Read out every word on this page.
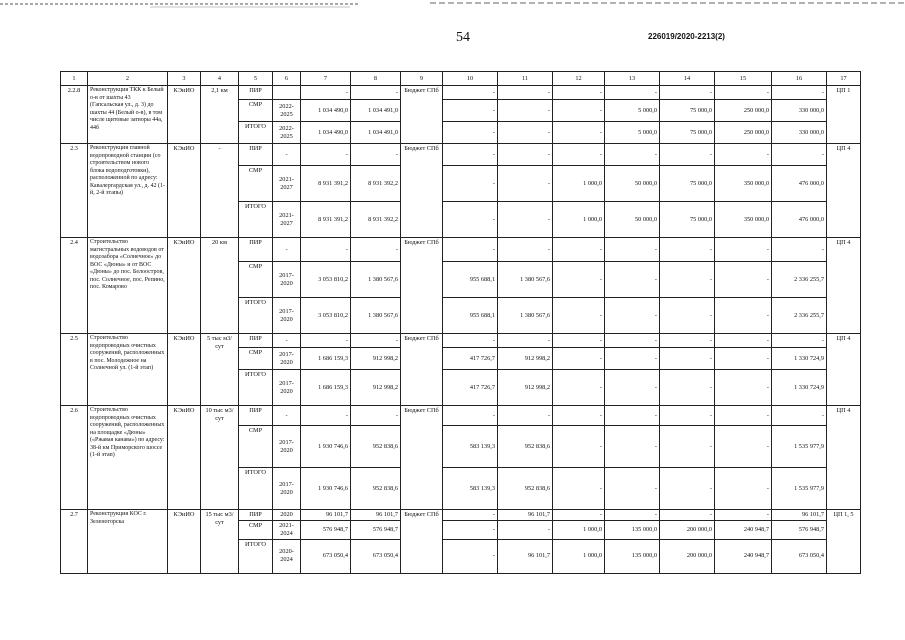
54	226019/2020-2213(2)
1	2	3	4	5	6	7	8	9	10	11	12	13	14	15	16	17
2.2.8	Реконструкция ТКК к Белый о-в от шахты 43 (Гапсальская ул., д. 3) до шахты 44 (Белый о-в), в том числе щитовые затворы 44а, 44б	КЭиИО	2,1 км	ПИР		-	-	Бюджет СПб	-	-	-	-	-	-	-	ЦП 1
				СМР	2022-2025	1 034 490,0	1 034 491,0		-	-	-	5 000,0	75 000,0	250 000,0	330 000,0	
				ИТОГО	2022-2025	1 034 490,0	1 034 491,0		-	-	-	5 000,0	75 000,0	250 000,0	330 000,0	
2.3	Реконструкция главной водопроводной станции (со строительством нового блока водоподготовки), расположенной по адресу: Кавалергардская ул., д. 42 (1-й, 2-й этапы)	КЭиИО	-	ПИР	-	-	-	Бюджет СПб	-	-	-	-	-	-	-	ЦП 4
				СМР	2021-2027	8 931 391,2	8 931 392,2		-	-	1 000,0	50 000,0	75 000,0	350 000,0	476 000,0	
				ИТОГО	2021-2027	8 931 391,2	8 931 392,2		-	-	1 000,0	50 000,0	75 000,0	350 000,0	476 000,0	
2.4	Строительство магистральных водоводов от водозабора «Солнечное» до ВОС «Дюны» и от ВОС «Дюны» до пос. Белоостров, пос. Солнечное, пос. Репино, пос. Комарово	КЭиИО	20 км	ПИР	-	-	-	Бюджет СПб	-	-	-	-	-	-	-	ЦП 4
				СМР	2017-2020	3 053 810,2	1 380 567,6		955 688,1	1 380 567,6	-	-	-	-	2 336 255,7	
				ИТОГО	2017-2020	3 053 810,2	1 380 567,6		955 688,1	1 380 567,6	-	-	-	-	2 336 255,7	
2.5	Строительство водопроводных очистных сооружений, расположенных в пос. Молодежное на Солнечной ул. (1-й этап)	КЭиИО	5 тыс м3/сут	ПИР	-	-	-	Бюджет СПб	-	-	-	-	-	-	-	ЦП 4
				СМР	2017-2020	1 686 159,3	912 998,2		417 726,7	912 998,2	-	-	-	-	1 330 724,9	
				ИТОГО	2017-2020	1 686 159,3	912 998,2		417 726,7	912 998,2	-	-	-	-	1 330 724,9	
2.6	Строительство водопроводных очистных сооружений, расположенных на площадке «Дюны» («Ржавая канава») по адресу: 38-й км Приморского шоссе (1-й этап)	КЭиИО	10 тыс м3/сут	ПИР	-	-	-	Бюджет СПб	-	-	-	-	-	-	-	ЦП 4
				СМР	2017-2020	1 930 746,6	952 838,6		583 139,3	952 838,6	-	-	-	-	1 535 977,9	
				ИТОГО	2017-2020	1 930 746,6	952 838,6		583 139,3	952 838,6	-	-	-	-	1 535 977,9	
2.7	Реконструкция КОС г. Зеленогорска	КЭиИО	15 тыс м3/сут	ПИР	2020	96 101,7	96 101,7	Бюджет СПб	-	96 101,7	-	-	-	-	96 101,7	ЦП 1, 5
				СМР	2021-2024	576 948,7	576 948,7		-	-	1 000,0	135 000,0	200 000,0	240 948,7	576 948,7	
				ИТОГО	2020-2024	673 050,4	673 050,4		-	96 101,7	1 000,0	135 000,0	200 000,0	240 948,7	673 050,4	
